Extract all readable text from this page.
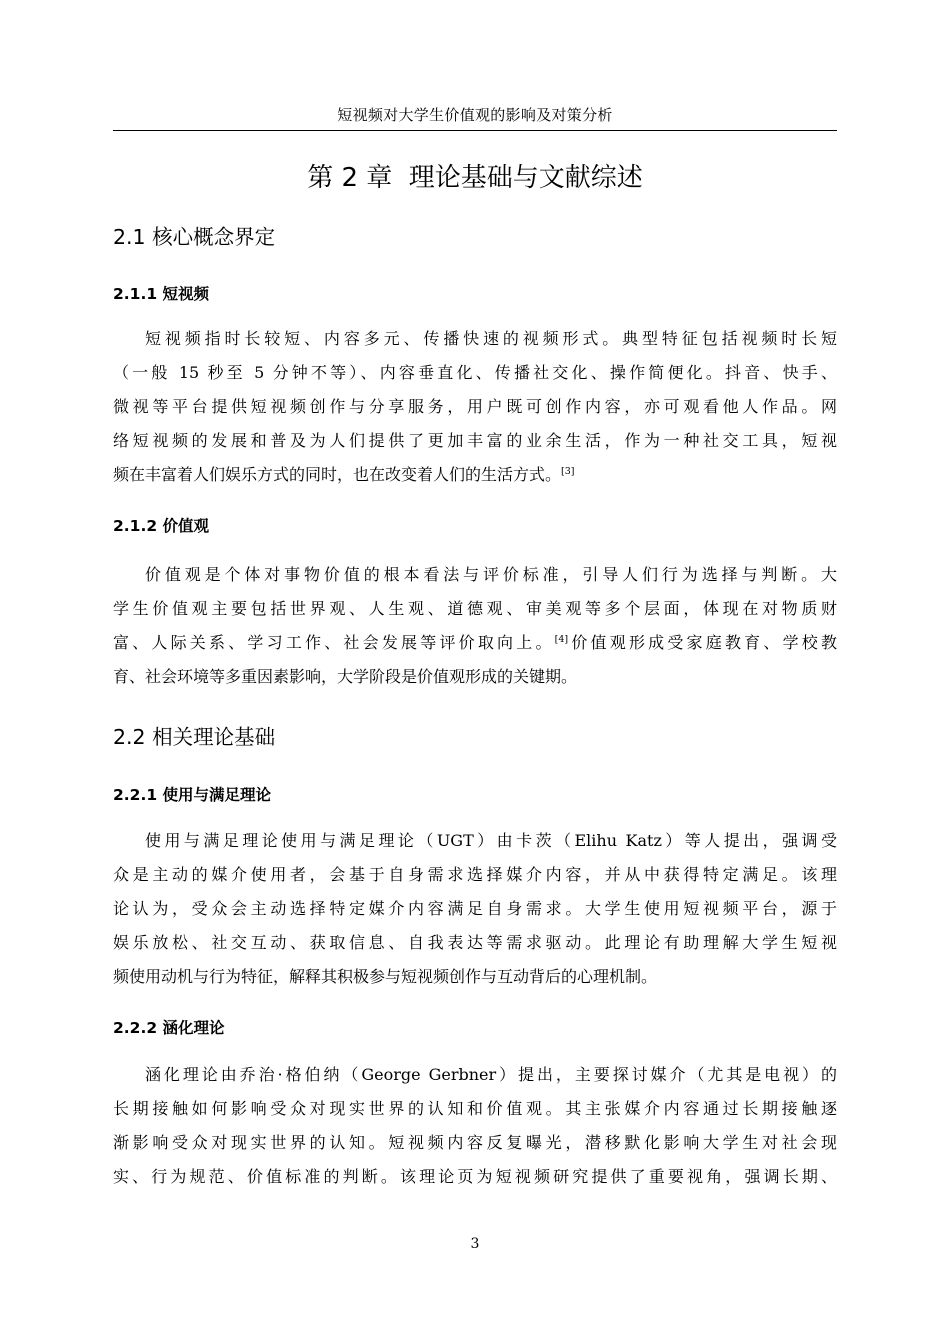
短视频对大学生价值观的影响及对策分析
第 2 章  理论基础与文献综述
2.1 核心概念界定
2.1.1 短视频
短视频指时长较短、内容多元、传播快速的视频形式。典型特征包括视频时长短
（一般 15 秒至 5 分钟不等）、内容垂直化、传播社交化、操作简便化。抖音、快手、
微视等平台提供短视频创作与分享服务，用户既可创作内容，亦可观看他人作品。网
络短视频的发展和普及为人们提供了更加丰富的业余生活，作为一种社交工具，短视
频在丰富着人们娱乐方式的同时，也在改变着人们的生活方式。[3]
2.1.2 价值观
价值观是个体对事物价值的根本看法与评价标准，引导人们行为选择与判断。大
学生价值观主要包括世界观、人生观、道德观、审美观等多个层面，体现在对物质财
富、人际关系、学习工作、社会发展等评价取向上。[4]价值观形成受家庭教育、学校教
育、社会环境等多重因素影响，大学阶段是价值观形成的关键期。
2.2 相关理论基础
2.2.1 使用与满足理论
使用与满足理论使用与满足理论（UGT）由卡茨（Elihu Katz）等人提出，强调受
众是主动的媒介使用者，会基于自身需求选择媒介内容，并从中获得特定满足。该理
论认为，受众会主动选择特定媒介内容满足自身需求。大学生使用短视频平台，源于
娱乐放松、社交互动、获取信息、自我表达等需求驱动。此理论有助理解大学生短视
频使用动机与行为特征，解释其积极参与短视频创作与互动背后的心理机制。
2.2.2 涵化理论
涵化理论由乔治·格伯纳（George Gerbner）提出，主要探讨媒介（尤其是电视）的
长期接触如何影响受众对现实世界的认知和价值观。其主张媒介内容通过长期接触逐
渐影响受众对现实世界的认知。短视频内容反复曝光，潜移默化影响大学生对社会现
实、行为规范、价值标准的判断。该理论页为短视频研究提供了重要视角，强调长期、
3
